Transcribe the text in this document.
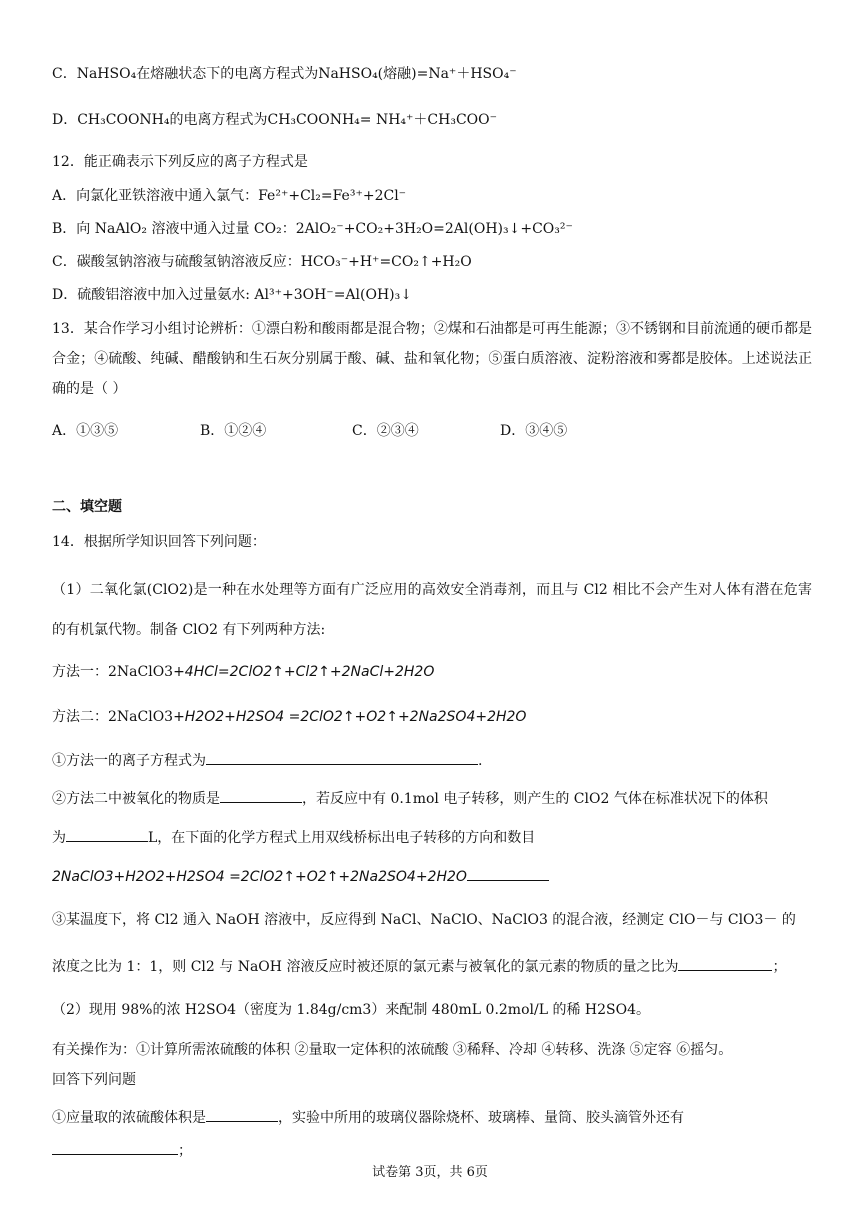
C．NaHSO₄在熔融状态下的电离方程式为NaHSO₄(熔融)=Na⁺＋HSO₄⁻
D．CH₃COONH₄的电离方程式为CH₃COONH₄= NH₄⁺＋CH₃COO⁻
12．能正确表示下列反应的离子方程式是
A．向氯化亚铁溶液中通入氯气：Fe²⁺+Cl₂=Fe³⁺+2Cl⁻
B．向 NaAlO₂ 溶液中通入过量 CO₂：2AlO₂⁻+CO₂+3H₂O=2Al(OH)₃↓+CO₃²⁻
C．碳酸氢钠溶液与硫酸氢钠溶液反应：HCO₃⁻+H⁺=CO₂↑+H₂O
D．硫酸铝溶液中加入过量氨水: Al³⁺+3OH⁻=Al(OH)₃↓
13．某合作学习小组讨论辨析：①漂白粉和酸雨都是混合物；②煤和石油都是可再生能源；③不锈钢和目前流通的硬币都是合金；④硫酸、纯碱、醋酸钠和生石灰分别属于酸、碱、盐和氧化物；⑤蛋白质溶液、淀粉溶液和雾都是胶体。上述说法正确的是（ ）
A．①③⑤	B．①②④	C．②③④	D．③④⑤
二、填空题
14．根据所学知识回答下列问题：
（1）二氧化氯(ClO2)是一种在水处理等方面有广泛应用的高效安全消毒剂，而且与 Cl2 相比不会产生对人体有潜在危害的有机氯代物。制备 ClO2 有下列两种方法:
方法一：2NaClO3+4HCl=2ClO2↑+Cl2↑+2NaCl+2H2O
方法二：2NaClO3+H2O2+H2SO4 =2ClO2↑+O2↑+2Na2SO4+2H2O
①方法一的离子方程式为	.
②方法二中被氧化的物质是	，若反应中有 0.1mol 电子转移，则产生的 ClO2 气体在标准状况下的体积
为	L，在下面的化学方程式上用双线桥标出电子转移的方向和数目
2NaClO3+H2O2+H2SO4 =2ClO2↑+O2↑+2Na2SO4+2H2O
③某温度下，将 Cl2 通入 NaOH 溶液中，反应得到 NaCl、NaClO、NaClO3 的混合液，经测定 ClO－与 ClO3－ 的
浓度之比为 1：1，则 Cl2 与 NaOH 溶液反应时被还原的氯元素与被氧化的氯元素的物质的量之比为	；
（2）现用 98%的浓 H2SO4（密度为 1.84g/cm3）来配制 480mL 0.2mol/L 的稀 H2SO4。
有关操作为：①计算所需浓硫酸的体积 ②量取一定体积的浓硫酸 ③稀释、冷却 ④转移、洗涤 ⑤定容 ⑥摇匀。
回答下列问题
①应量取的浓硫酸体积是	，实验中所用的玻璃仪器除烧杯、玻璃棒、量筒、胶头滴管外还有
；
试卷第 3页，共 6页
